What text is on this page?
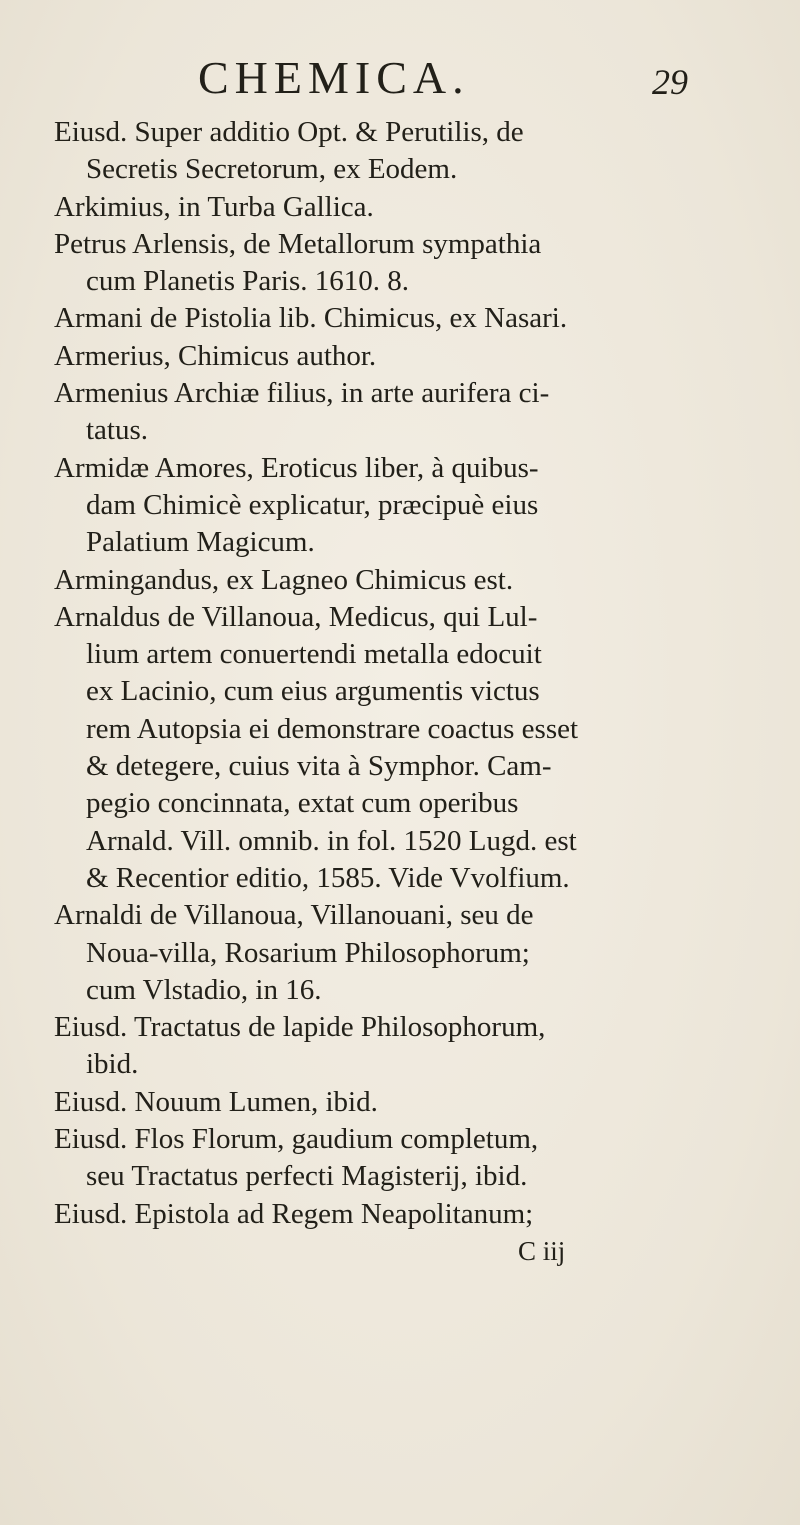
CHEMICA.	29
Eiusd. Super additio Opt. & Perutilis, de
Secretis Secretorum, ex Eodem.
Arkimius, in Turba Gallica.
Petrus Arlensis, de Metallorum sympathia
cum Planetis Paris. 1610. 8.
Armani de Pistolia lib. Chimicus, ex Nasari.
Armerius, Chimicus author.
Armenius Archiæ filius, in arte aurifera ci-
tatus.
Armidæ Amores, Eroticus liber, à quibus-
dam Chimicè explicatur, præcipuè eius
Palatium Magicum.
Armingandus, ex Lagneo Chimicus est.
Arnaldus de Villanoua, Medicus, qui Lul-
lium artem conuertendi metalla edocuit
ex Lacinio, cum eius argumentis victus
rem Autopsia ei demonstrare coactus esset
& detegere, cuius vita à Symphor. Cam-
pegio concinnata, extat cum operibus
Arnald. Vill. omnib. in fol. 1520 Lugd. est
& Recentior editio, 1585. Vide Vvolfium.
Arnaldi de Villanoua, Villanouani, seu de
Noua-villa, Rosarium Philosophorum;
cum Vlstadio, in 16.
Eiusd. Tractatus de lapide Philosophorum,
ibid.
Eiusd. Nouum Lumen, ibid.
Eiusd. Flos Florum, gaudium completum,
seu Tractatus perfecti Magisterij, ibid.
Eiusd. Epistola ad Regem Neapolitanum;
C iij
